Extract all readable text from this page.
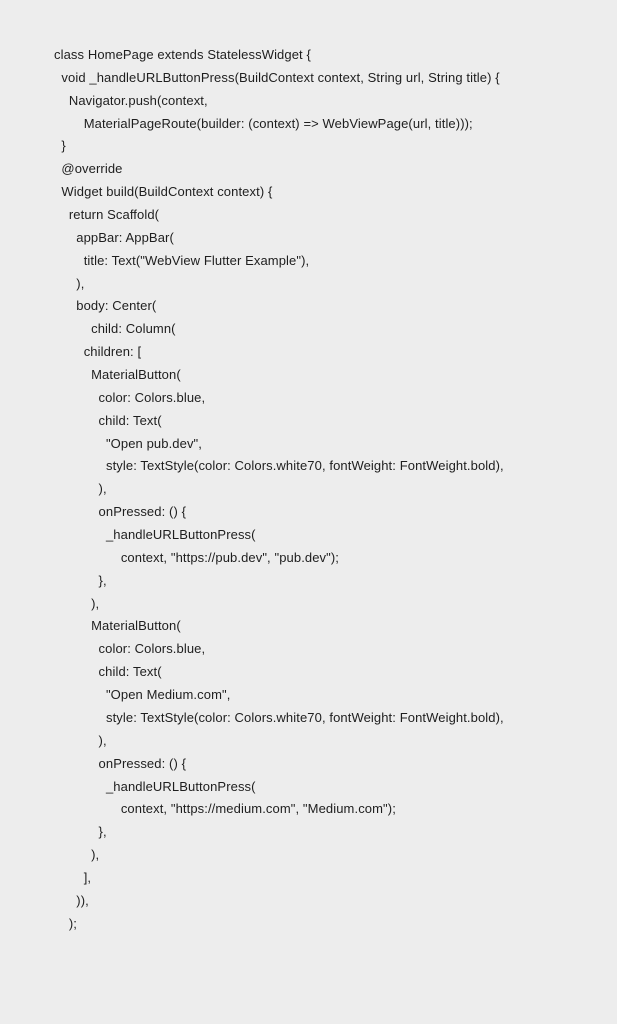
class HomePage extends StatelessWidget {
void _handleURLButtonPress(BuildContext context, String url, String title) {
Navigator.push(context,
MaterialPageRoute(builder: (context) => WebViewPage(url, title)));
}
@override
Widget build(BuildContext context) {
return Scaffold(
appBar: AppBar(
title: Text("WebView Flutter Example"),
),
body: Center(
child: Column(
children: [
MaterialButton(
color: Colors.blue,
child: Text(
"Open pub.dev",
style: TextStyle(color: Colors.white70, fontWeight: FontWeight.bold),
),
onPressed: () {
_handleURLButtonPress(
context, "https://pub.dev", "pub.dev");
},
),
MaterialButton(
color: Colors.blue,
child: Text(
"Open Medium.com",
style: TextStyle(color: Colors.white70, fontWeight: FontWeight.bold),
),
onPressed: () {
_handleURLButtonPress(
context, "https://medium.com", "Medium.com");
},
),
],
)),
);
